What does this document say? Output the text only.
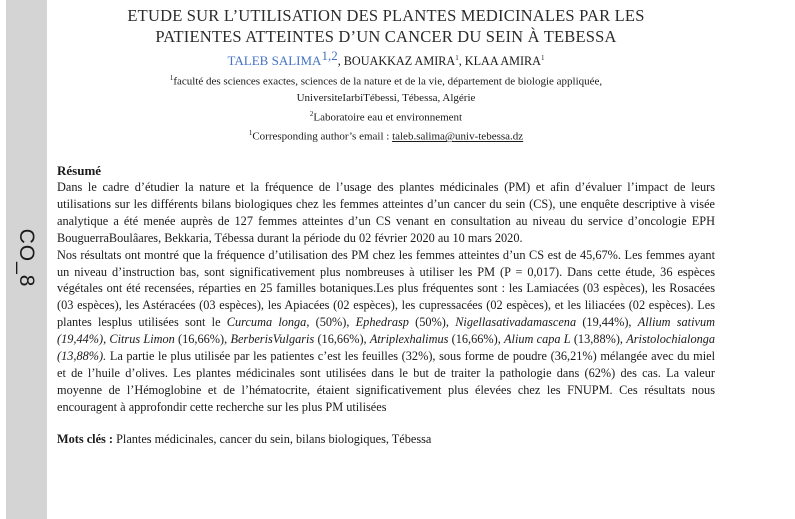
CO_8
ETUDE SUR L’UTILISATION DES PLANTES MEDICINALES PAR LES
PATIENTES ATTEINTES D’UN CANCER DU SEIN À TEBESSA
TALEB SALIMA$^{1,2}$, BOUAKKAZ AMIRA$^1$, KLAA AMIRA$^1$
$^1$faculté des sciences exactes, sciences de la nature et de la vie, département de biologie appliquée,
UniversiteIarbiTébessi, Tébessa, Algérie
$^2$Laboratoire eau et environnement
$^1$Corresponding author’s email : taleb.salima@univ-tebessa.dz
Résumé

Dans le cadre d’étudier la nature et la fréquence de l’usage des plantes médicinales (PM) et afin d’évaluer l’impact de leurs utilisations sur les différents bilans biologiques chez les femmes atteintes d’un cancer du sein (CS), une enquête descriptive à visée analytique a été menée auprès de 127 femmes atteintes d’un CS venant en consultation au niveau du service d’oncologie EPH BouguerraBoulâares, Bekkaria, Tébessa durant la période du 02 février 2020 au 10 mars 2020.

Nos résultats ont montré que la fréquence d’utilisation des PM chez les femmes atteintes d’un CS est de 45,67%. Les femmes ayant un niveau d’instruction bas, sont significativement plus nombreuses à utiliser les PM (P = 0,017). Dans cette étude, 36 espèces végétales ont été recensées, réparties en 25 familles botaniques.Les plus fréquentes sont : les Lamiacées (03 espèces), les Rosacées (03 espèces), les Astéracées (03 espèces), les Apiacées (02 espèces), les cupressacées (02 espèces), et les liliacées (02 espèces). Les plantes lesplus utilisées sont le Curcuma longa, (50%), Ephedrasp (50%), Nigellasativadamascena (19,44%), Allium sativum (19,44%), Citrus Limon (16,66%), BerberisVulgaris (16,66%), Atriplexhalimus (16,66%), Alium capa L (13,88%), Aristolochialonga (13,88%). La partie le plus utilisée par les patientes c’est les feuilles (32%), sous forme de poudre (36,21%) mélangée avec du miel et de l’huile d’olives. Les plantes médicinales sont utilisées dans le but de traiter la pathologie dans (62%) des cas. La valeur moyenne de l’Hémoglobine et de l’hématocrite, étaient significativement plus élevées chez les FNUPM. Ces résultats nous encouragent à approfondir cette recherche sur les plus PM utilisées

Mots clés : Plantes médicinales, cancer du sein, bilans biologiques, Tébessa
